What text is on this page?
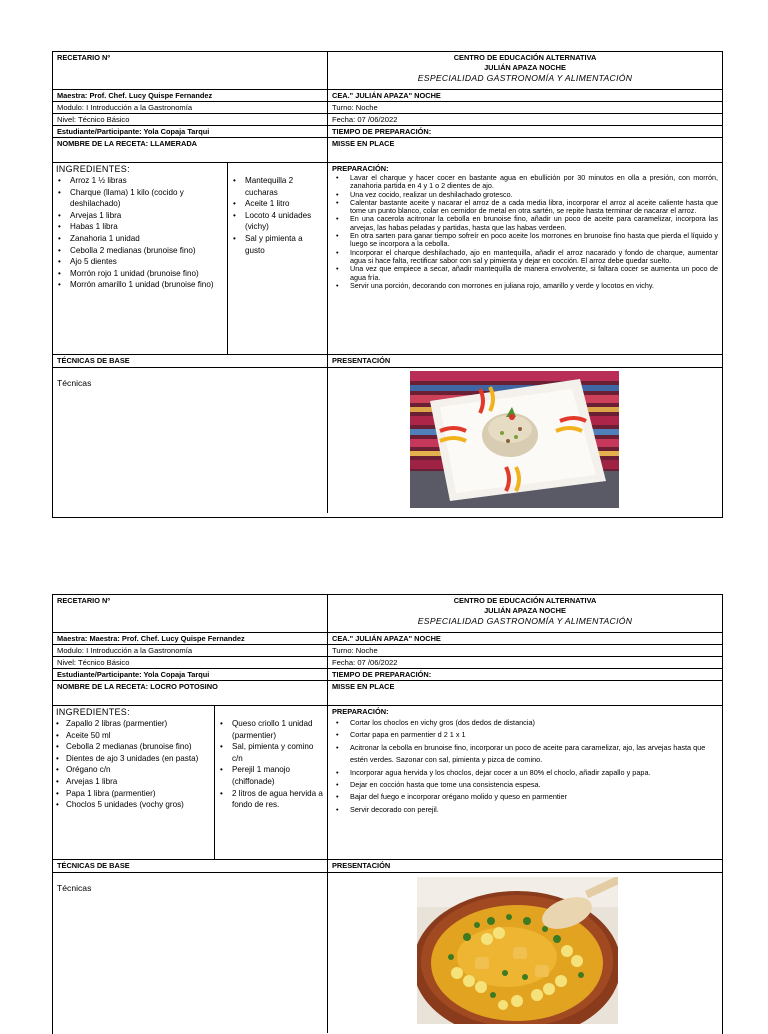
RECETARIO Nº	CENTRO DE EDUCACIÓN ALTERNATIVA
JULIÁN APAZA NOCHE
ESPECIALIDAD GASTRONOMÍA Y ALIMENTACIÓN
Maestra: Prof. Chef. Lucy Quispe Fernandez	CEA." JULIÁN APAZA" NOCHE
Modulo: I Introducción a la Gastronomía	Turno: Noche
Nivel: Técnico Básico	Fecha: 07 /06/2022
Estudiante/Participante: Yola Copaja Tarqui	TIEMPO DE PREPARACIÓN:
NOMBRE DE LA RECETA: LLAMERADA	MISSE EN PLACE
INGREDIENTES:
• Arroz 1 ½ libras
• Charque (llama) 1 kilo (cocido y deshilachado)
• Arvejas 1 libra
• Habas 1 libra
• Zanahoria 1 unidad
• Cebolla 2 medianas (brunoise fino)
• Ajo 5 dientes
• Morrón rojo 1 unidad (brunoise fino)
• Morrón amarillo 1 unidad (brunoise fino)
• Mantequilla 2 cucharas
• Aceite 1 litro
• Locoto 4 unidades (vichy)
• Sal y pimienta a gusto
PREPARACIÓN:
• Lavar el charque y hacer cocer en bastante agua en ebullición por 30 minutos en olla a presión, con morrón, zanahoria partida en 4 y 1 o 2 dientes de ajo.
• Una vez cocido, realizar un deshilachado grotesco.
• Calentar bastante aceite y nacarar el arroz de a cada media libra, incorporar el arroz al aceite caliente hasta que tome un punto blanco, colar en cernidor de metal en otra sartén, se repite hasta terminar de nacarar el arroz.
• En una cacerola acitronar la cebolla en brunoise fino, añadir un poco de aceite para caramelizar, incorpora las arvejas, las habas peladas y partidas, hasta que las habas verdeen.
• En otra sarten para ganar tiempo sofreír en poco aceite los morrones en brunoise fino hasta que pierda el líquido y luego se incorpora a la cebolla.
• Incorporar el charque deshilachado, ajo en mantequilla, añadir el arroz nacarado y fondo de charque, aumentar agua si hace falta, rectificar sabor con sal y pimienta y dejar en cocción. El arroz debe quedar suelto.
• Una vez que empiece a secar, añadir mantequilla de manera envolvente, si faltara cocer se aumenta un poco de agua fría.
• Servir una porción, decorando con morrones en juliana rojo, amarillo y verde y locotos en vichy.
TÉCNICAS DE BASE	PRESENTACIÓN
Técnicas
RECETARIO Nº	CENTRO DE EDUCACIÓN ALTERNATIVA
JULIÁN APAZA NOCHE
ESPECIALIDAD GASTRONOMÍA Y ALIMENTACIÓN
Maestra: Maestra: Prof. Chef. Lucy Quispe Fernandez	CEA." JULIÁN APAZA" NOCHE
Modulo: I Introducción a la Gastronomía	Turno: Noche
Nivel: Técnico Básico	Fecha: 07 /06/2022
Estudiante/Participante: Yola Copaja Tarqui	TIEMPO DE PREPARACIÓN:
NOMBRE DE LA RECETA: LOCRO POTOSINO	MISSE EN PLACE
INGREDIENTES:
• Zapallo 2 libras (parmentier)
• Aceite 50 ml
• Cebolla 2 medianas (brunoise fino)
• Dientes de ajo 3 unidades (en pasta)
• Orégano c/n
• Arvejas 1 libra
• Papa 1 libra (parmentier)
• Choclos 5 unidades (vochy gros)
• Queso criollo 1 unidad (parmentier)
• Sal, pimienta y comino c/n
• Perejil 1 manojo (chiffonade)
• 2 litros de agua hervida a fondo de res.
PREPARACIÓN:
• Cortar los choclos en vichy gros (dos dedos de distancia)
• Cortar papa en parmentier d 2 1 x 1
• Acitronar la cebolla en brunoise fino, incorporar un poco de aceite para caramelizar, ajo, las arvejas hasta que estén verdes. Sazonar con sal, pimienta y pizca de comino.
• Incorporar agua hervida y los choclos, dejar cocer a un 80% el choclo, añadir zapallo y papa.
• Dejar en cocción hasta que tome una consistencia espesa.
• Bajar del fuego e incorporar orégano molido y queso en parmentier
• Servir decorado con perejil.
TÉCNICAS DE BASE	PRESENTACIÓN
Técnicas
